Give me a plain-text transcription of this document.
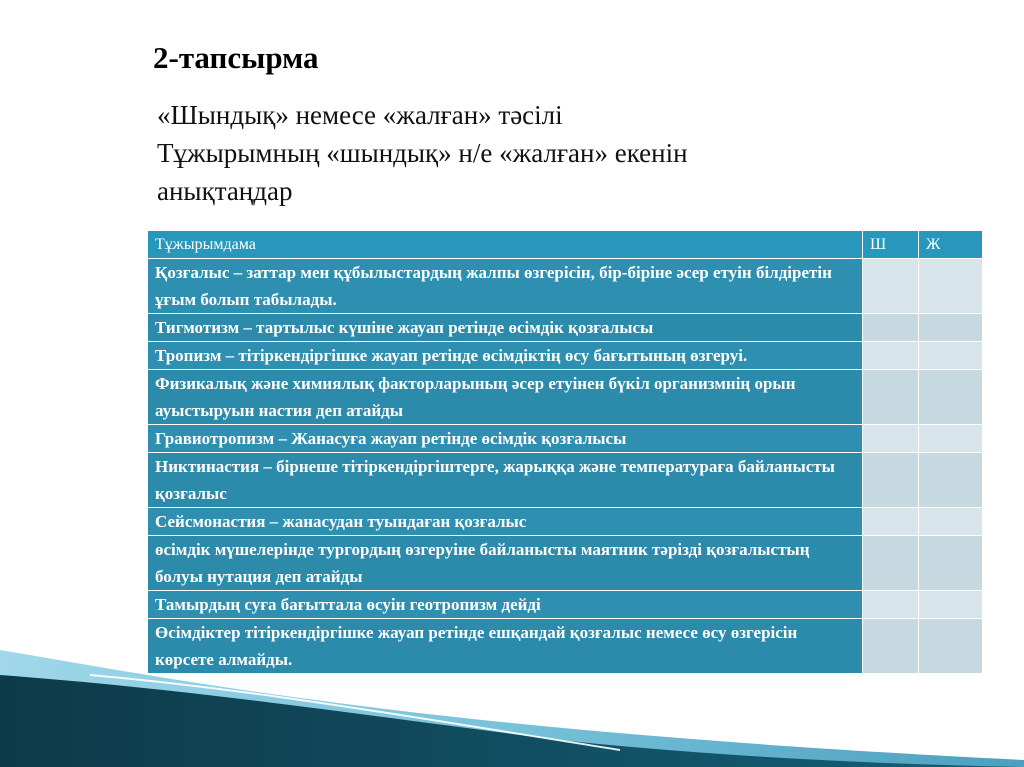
2-тапсырма
«Шындық» немесе «жалған» тәсілі
Тұжырымның «шындық» н/е «жалған» екенін
анықтаңдар
Тұжырымдама	Ш	Ж
Қозғалыс – заттар мен құбылыстардың жалпы өзгерісін, бір-біріне әсер етуін білдіретін ұғым болып табылады.		
Тигмотизм – тартылыс күшіне жауап ретінде өсімдік қозғалысы		
Тропизм – тітіркендіргішке жауап ретінде өсімдіктің өсу бағытының өзгеруі.		
Физикалық және химиялық факторларының әсер етуінен бүкіл организмнің орын ауыстыруын настия деп атайды		
Гравиотропизм – Жанасуға жауап ретінде өсімдік қозғалысы		
Никтинастия – бірнеше тітіркендіргіштерге, жарыққа және температураға байланысты қозғалыс		
Сейсмонастия – жанасудан туындаған қозғалыс		
өсімдік мүшелерінде тургордың өзгеруіне байланысты маятник тәрізді қозғалыстың болуы нутация деп атайды		
Тамырдың суға бағыттала өсуін геотропизм дейді		
Өсімдіктер тітіркендіргішке жауап ретінде ешқандай қозғалыс немесе өсу өзгерісін көрсете алмайды.		
